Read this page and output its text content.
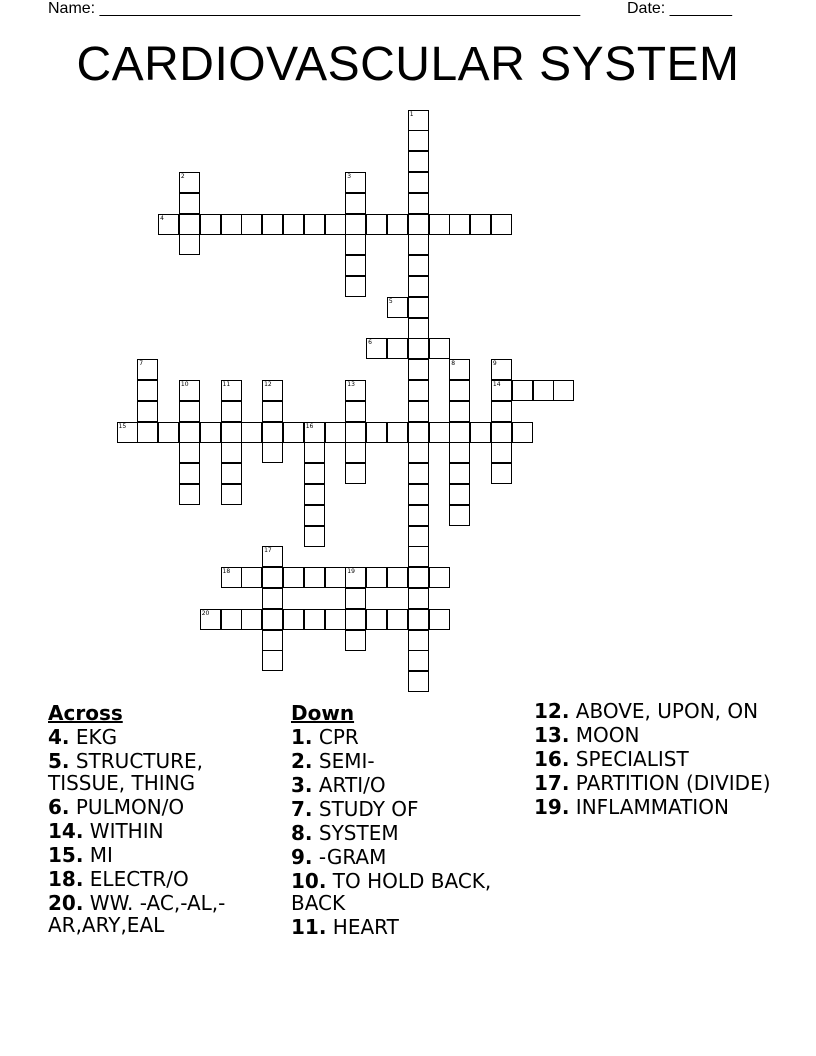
Name: ______________________________________________________	Date: _______
CARDIOVASCULAR SYSTEM
1
2	3
4
5
6
7	8	9
14
10	11	12	13
15	16
17
18	19
20
Across
4. EKG
5. STRUCTURE, TISSUE, THING
6. PULMON/O
14. WITHIN
15. MI
18. ELECTR/O
20. WW. -AC,-AL,-AR,ARY,EAL
Down
1. CPR
2. SEMI-
3. ARTI/O
7. STUDY OF
8. SYSTEM
9. -GRAM
10. TO HOLD BACK, BACK
11. HEART
12. ABOVE, UPON, ON
13. MOON
16. SPECIALIST
17. PARTITION (DIVIDE)
19. INFLAMMATION
